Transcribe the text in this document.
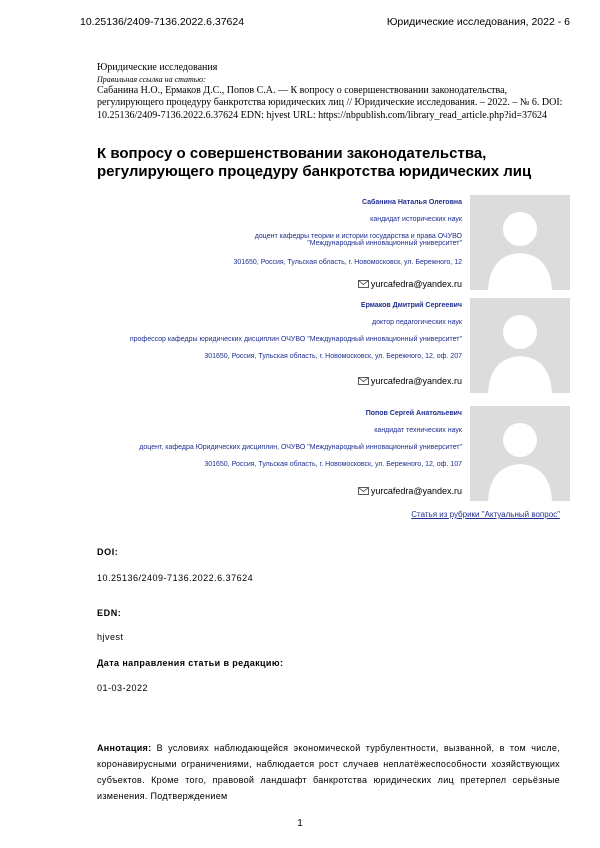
10.25136/2409-7136.2022.6.37624	Юридические исследования, 2022 - 6
Юридические исследования
Правильная ссылка на статью:
Сабанина Н.О., Ермаков Д.С., Попов С.А. — К вопросу о совершенствовании законодательства, регулирующего процедуру банкротства юридических лиц // Юридические исследования. – 2022. – № 6. DOI: 10.25136/2409-7136.2022.6.37624 EDN: hjvest URL: https://nbpublish.com/library_read_article.php?id=37624
К вопросу о совершенствовании законодательства, регулирующего процедуру банкротства юридических лиц
Сабанина Наталья Олеговна
кандидат исторических наук
доцент кафедры теории и истории государства и права ОЧУВО "Международный инновационный университет"
301650, Россия, Тульская область, г. Новомосковск, ул. Бережного, 12
yurcafedra@yandex.ru
Ермаков Дмитрий Сергеевич
доктор педагогических наук
профессор кафедры юридических дисциплин ОЧУВО "Международный инновационный университет"
301650, Россия, Тульская область, г. Новомосковск, ул. Бережного, 12, оф. 207
yurcafedra@yandex.ru
Попов Сергей Анатольевич
кандидат технических наук
доцент, кафедра Юридических дисциплин, ОЧУВО "Международный инновационный университет"
301650, Россия, Тульская область, г. Новомосковск, ул. Бережного, 12, оф. 107
yurcafedra@yandex.ru
Статья из рубрики "Актуальный вопрос"
DOI:
10.25136/2409-7136.2022.6.37624
EDN:
hjvest
Дата направления статьи в редакцию:
01-03-2022
Аннотация: В условиях наблюдающейся экономической турбулентности, вызванной, в том числе, коронавирусными ограничениями, наблюдается рост случаев неплатёжеспособности хозяйствующих субъектов. Кроме того, правовой ландшафт банкротства юридических лиц претерпел серьёзные изменения. Подтверждением
1
